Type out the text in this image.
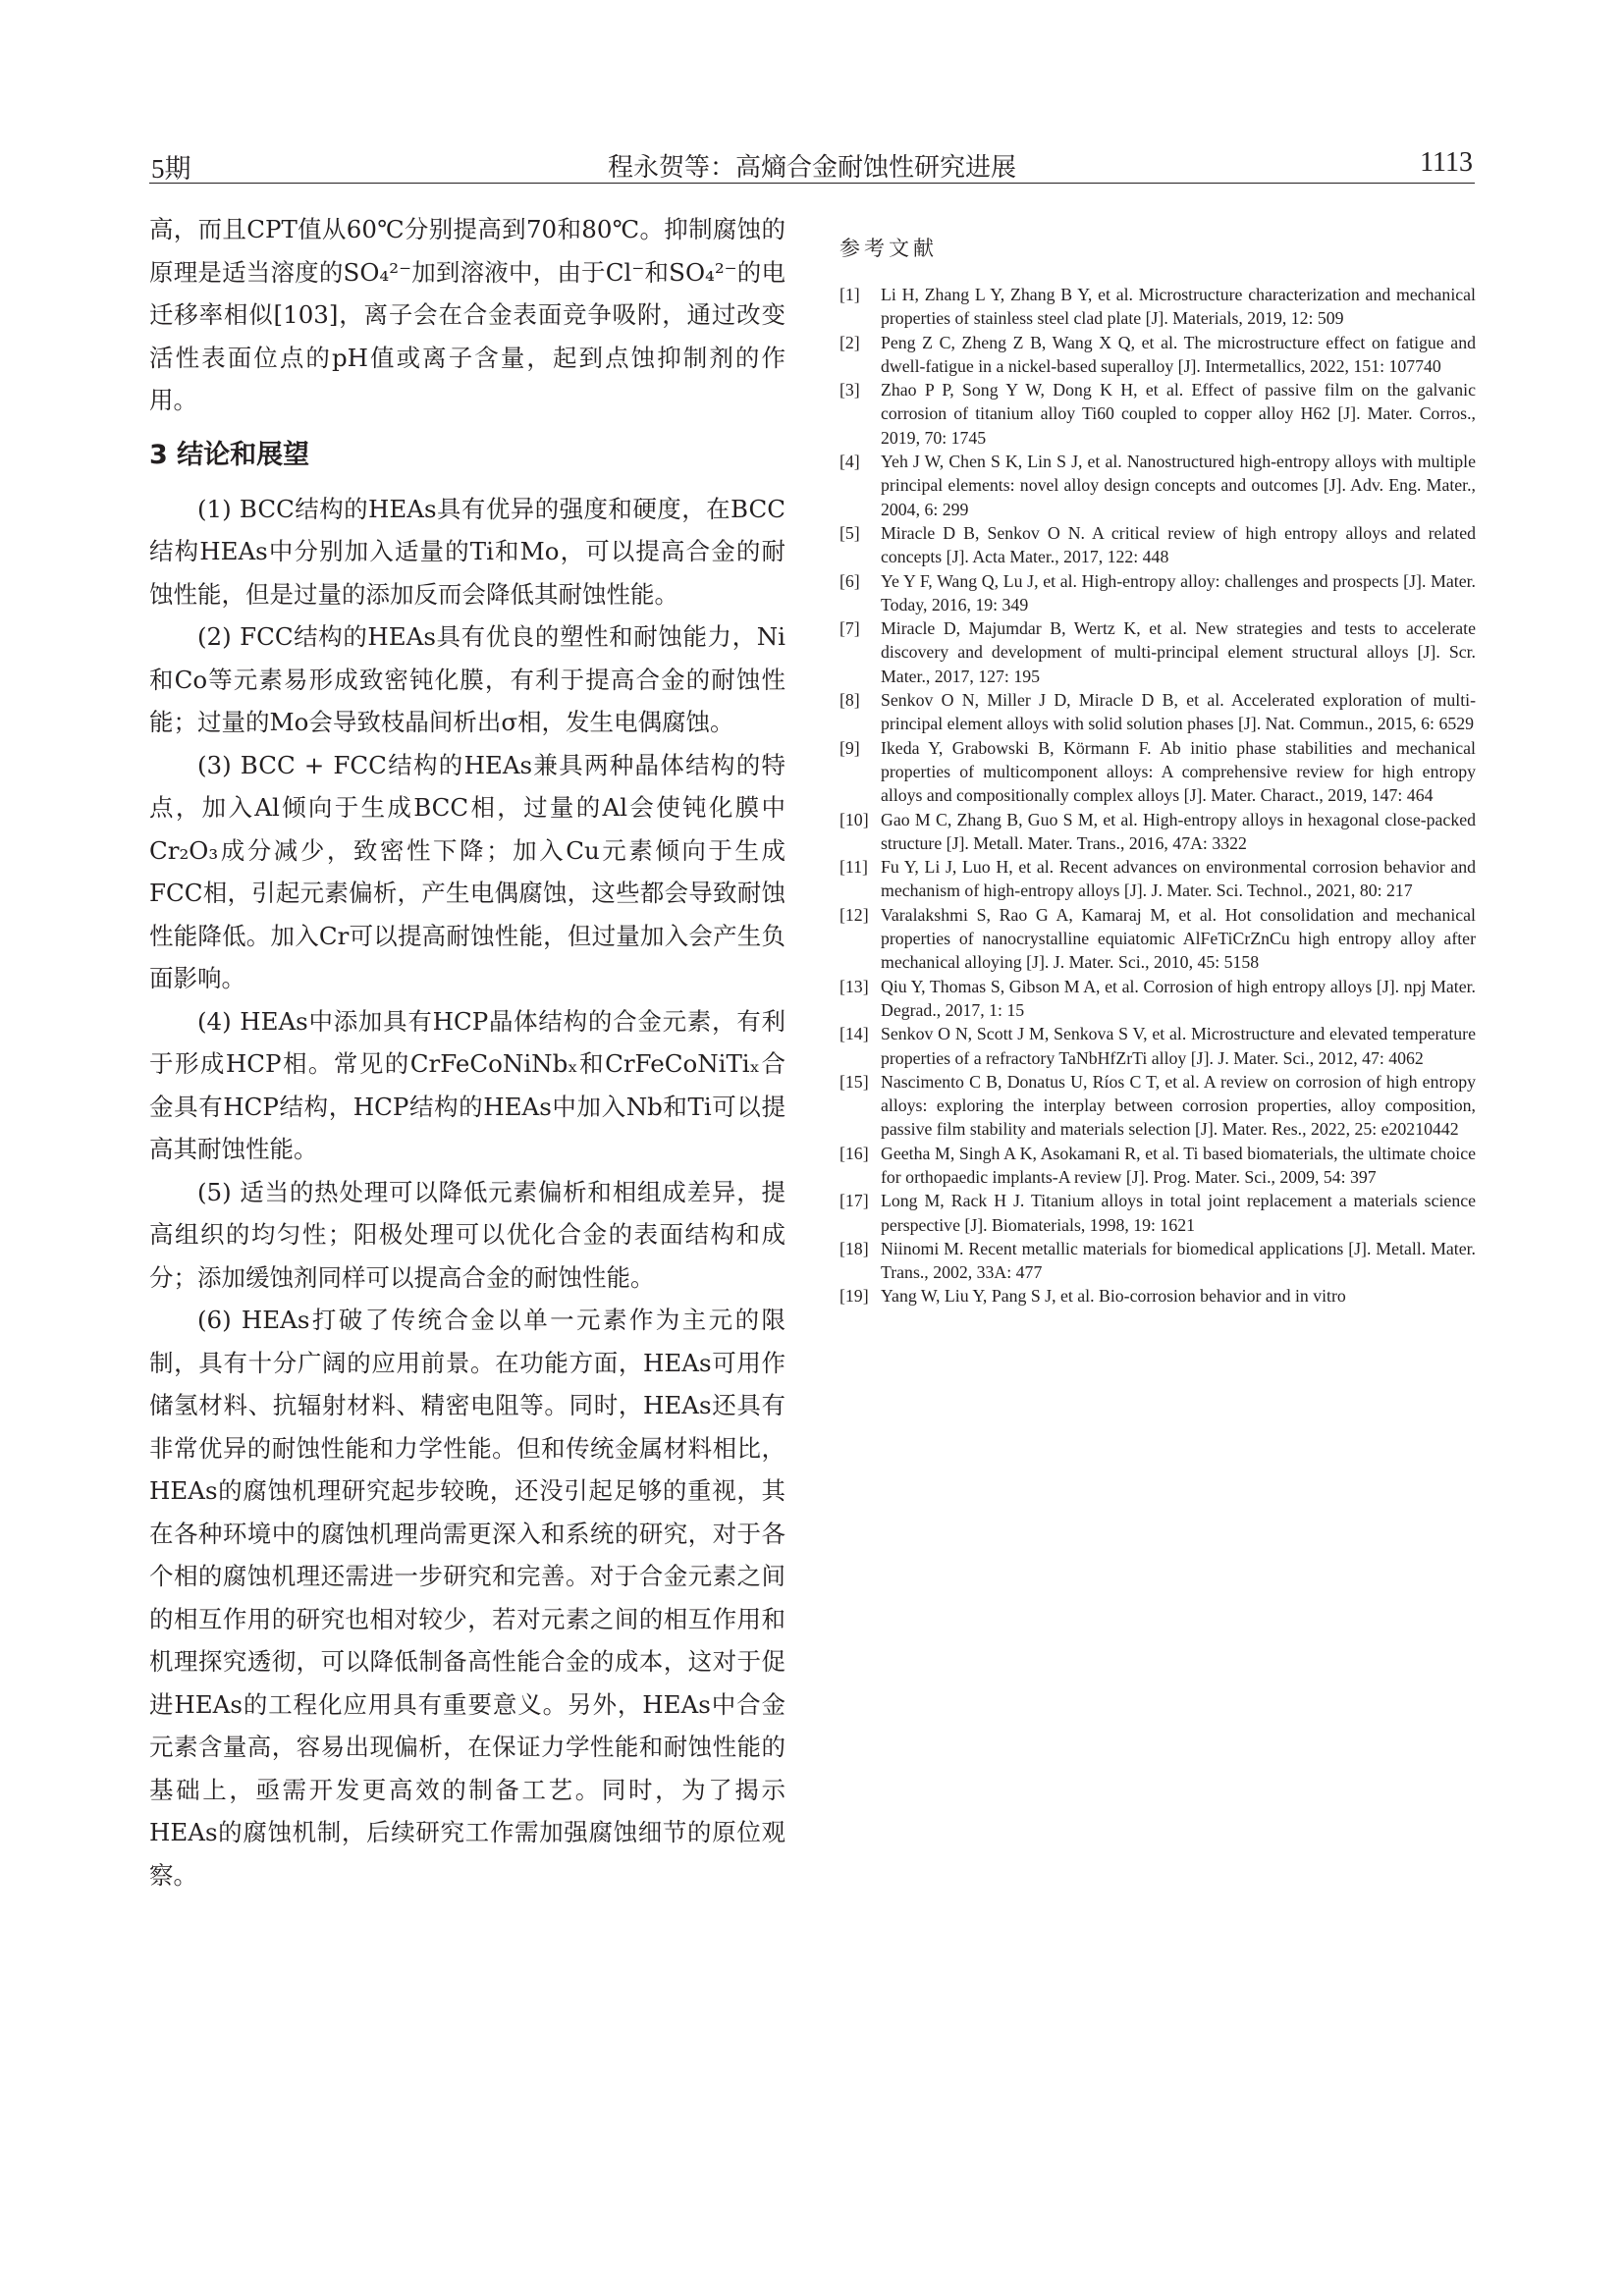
5期	程永贺等：高熵合金耐蚀性研究进展	1113

高，而且CPT值从60℃分别提高到70和80℃。抑制腐蚀的原理是适当溶度的SO₄²⁻加到溶液中，由于Cl⁻和SO₄²⁻的电迁移率相似[103]，离子会在合金表面竞争吸附，通过改变活性表面位点的pH值或离子含量，起到点蚀抑制剂的作用。

3 结论和展望

(1) BCC结构的HEAs具有优异的强度和硬度，在BCC结构HEAs中分别加入适量的Ti和Mo，可以提高合金的耐蚀性能，但是过量的添加反而会降低其耐蚀性能。

(2) FCC结构的HEAs具有优良的塑性和耐蚀能力，Ni和Co等元素易形成致密钝化膜，有利于提高合金的耐蚀性能；过量的Mo会导致枝晶间析出σ相，发生电偶腐蚀。

(3) BCC + FCC结构的HEAs兼具两种晶体结构的特点，加入Al倾向于生成BCC相，过量的Al会使钝化膜中Cr₂O₃成分减少，致密性下降；加入Cu元素倾向于生成FCC相，引起元素偏析，产生电偶腐蚀，这些都会导致耐蚀性能降低。加入Cr可以提高耐蚀性能，但过量加入会产生负面影响。

(4) HEAs中添加具有HCP晶体结构的合金元素，有利于形成HCP相。常见的CrFeCoNiNbₓ和CrFeCoNiTiₓ合金具有HCP结构，HCP结构的HEAs中加入Nb和Ti可以提高其耐蚀性能。

(5) 适当的热处理可以降低元素偏析和相组成差异，提高组织的均匀性；阳极处理可以优化合金的表面结构和成分；添加缓蚀剂同样可以提高合金的耐蚀性能。

(6) HEAs打破了传统合金以单一元素作为主元的限制，具有十分广阔的应用前景。在功能方面，HEAs可用作储氢材料、抗辐射材料、精密电阻等。同时，HEAs还具有非常优异的耐蚀性能和力学性能。但和传统金属材料相比，HEAs的腐蚀机理研究起步较晚，还没引起足够的重视，其在各种环境中的腐蚀机理尚需更深入和系统的研究，对于各个相的腐蚀机理还需进一步研究和完善。对于合金元素之间的相互作用的研究也相对较少，若对元素之间的相互作用和机理探究透彻，可以降低制备高性能合金的成本，这对于促进HEAs的工程化应用具有重要意义。另外，HEAs中合金元素含量高，容易出现偏析，在保证力学性能和耐蚀性能的基础上，亟需开发更高效的制备工艺。同时，为了揭示HEAs的腐蚀机制，后续研究工作需加强腐蚀细节的原位观察。

参考文献
[1] Li H, Zhang L Y, Zhang B Y, et al. Microstructure characterization and mechanical properties of stainless steel clad plate [J]. Materials, 2019, 12: 509
[2] Peng Z C, Zheng Z B, Wang X Q, et al. The microstructure effect on fatigue and dwell-fatigue in a nickel-based superalloy [J]. Intermetallics, 2022, 151: 107740
[3] Zhao P P, Song Y W, Dong K H, et al. Effect of passive film on the galvanic corrosion of titanium alloy Ti60 coupled to copper alloy H62 [J]. Mater. Corros., 2019, 70: 1745
[4] Yeh J W, Chen S K, Lin S J, et al. Nanostructured high-entropy alloys with multiple principal elements: novel alloy design concepts and outcomes [J]. Adv. Eng. Mater., 2004, 6: 299
[5] Miracle D B, Senkov O N. A critical review of high entropy alloys and related concepts [J]. Acta Mater., 2017, 122: 448
[6] Ye Y F, Wang Q, Lu J, et al. High-entropy alloy: challenges and prospects [J]. Mater. Today, 2016, 19: 349
[7] Miracle D, Majumdar B, Wertz K, et al. New strategies and tests to accelerate discovery and development of multi-principal element structural alloys [J]. Scr. Mater., 2017, 127: 195
[8] Senkov O N, Miller J D, Miracle D B, et al. Accelerated exploration of multi-principal element alloys with solid solution phases [J]. Nat. Commun., 2015, 6: 6529
[9] Ikeda Y, Grabowski B, Körmann F. Ab initio phase stabilities and mechanical properties of multicomponent alloys: A comprehensive review for high entropy alloys and compositionally complex alloys [J]. Mater. Charact., 2019, 147: 464
[10] Gao M C, Zhang B, Guo S M, et al. High-entropy alloys in hexagonal close-packed structure [J]. Metall. Mater. Trans., 2016, 47A: 3322
[11] Fu Y, Li J, Luo H, et al. Recent advances on environmental corrosion behavior and mechanism of high-entropy alloys [J]. J. Mater. Sci. Technol., 2021, 80: 217
[12] Varalakshmi S, Rao G A, Kamaraj M, et al. Hot consolidation and mechanical properties of nanocrystalline equiatomic AlFeTiCrZnCu high entropy alloy after mechanical alloying [J]. J. Mater. Sci., 2010, 45: 5158
[13] Qiu Y, Thomas S, Gibson M A, et al. Corrosion of high entropy alloys [J]. npj Mater. Degrad., 2017, 1: 15
[14] Senkov O N, Scott J M, Senkova S V, et al. Microstructure and elevated temperature properties of a refractory TaNbHfZrTi alloy [J]. J. Mater. Sci., 2012, 47: 4062
[15] Nascimento C B, Donatus U, Ríos C T, et al. A review on corrosion of high entropy alloys: exploring the interplay between corrosion properties, alloy composition, passive film stability and materials selection [J]. Mater. Res., 2022, 25: e20210442
[16] Geetha M, Singh A K, Asokamani R, et al. Ti based biomaterials, the ultimate choice for orthopaedic implants-A review [J]. Prog. Mater. Sci., 2009, 54: 397
[17] Long M, Rack H J. Titanium alloys in total joint replacement a materials science perspective [J]. Biomaterials, 1998, 19: 1621
[18] Niinomi M. Recent metallic materials for biomedical applications [J]. Metall. Mater. Trans., 2002, 33A: 477
[19] Yang W, Liu Y, Pang S J, et al. Bio-corrosion behavior and in vitro
